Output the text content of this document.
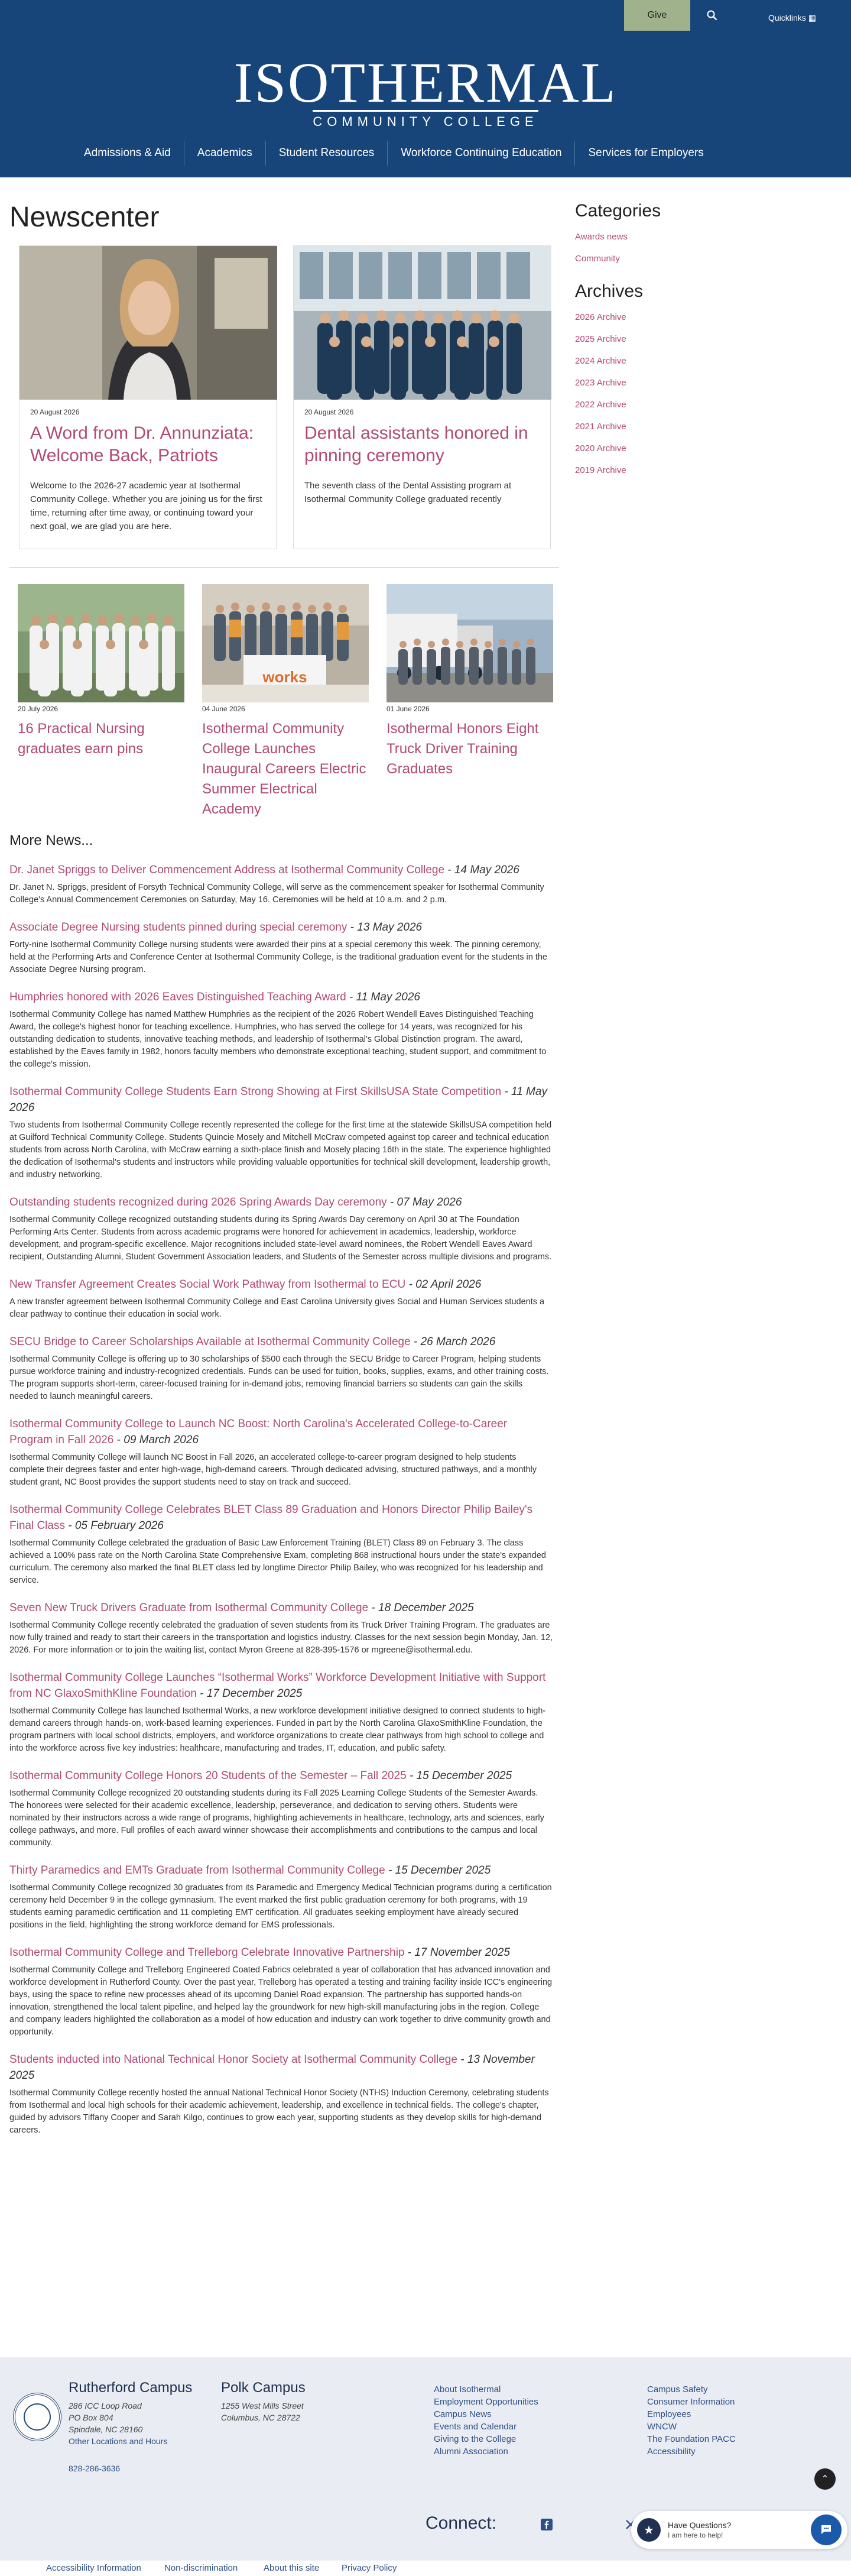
Give	Quicklinks ▦
ISOTHERMAL
COMMUNITY COLLEGE
Admissions & Aid	Academics	Student Resources	Workforce Continuing Education	Services for Employers
Newscenter
20 August 2026
A Word from Dr. Annunziata: Welcome Back, Patriots

Welcome to the 2026-27 academic year at Isothermal Community College. Whether you are joining us for the first time, returning after time away, or continuing toward your next goal, we are glad you are here.

20 August 2026
Dental assistants honored in pinning ceremony

The seventh class of the Dental Assisting program at Isothermal Community College graduated recently

20 July 2026
16 Practical Nursing graduates earn pins
works
04 June 2026
Isothermal Community College Launches Inaugural Careers Electric Summer Electrical Academy
01 June 2026
Isothermal Honors Eight Truck Driver Training Graduates
More News...
Dr. Janet Spriggs to Deliver Commencement Address at Isothermal Community College - 14 May 2026

Dr. Janet N. Spriggs, president of Forsyth Technical Community College, will serve as the commencement speaker for Isothermal Community College's Annual Commencement Ceremonies on Saturday, May 16. Ceremonies will be held at 10 a.m. and 2 p.m.

Associate Degree Nursing students pinned during special ceremony - 13 May 2026

Forty-nine Isothermal Community College nursing students were awarded their pins at a special ceremony this week. The pinning ceremony, held at the Performing Arts and Conference Center at Isothermal Community College, is the traditional graduation event for the students in the Associate Degree Nursing program.

Humphries honored with 2026 Eaves Distinguished Teaching Award - 11 May 2026

Isothermal Community College has named Matthew Humphries as the recipient of the 2026 Robert Wendell Eaves Distinguished Teaching Award, the college's highest honor for teaching excellence. Humphries, who has served the college for 14 years, was recognized for his outstanding dedication to students, innovative teaching methods, and leadership of Isothermal's Global Distinction program. The award, established by the Eaves family in 1982, honors faculty members who demonstrate exceptional teaching, student support, and commitment to the college's mission.

Isothermal Community College Students Earn Strong Showing at First SkillsUSA State Competition - 11 May 2026

Two students from Isothermal Community College recently represented the college for the first time at the statewide SkillsUSA competition held at Guilford Technical Community College. Students Quincie Mosely and Mitchell McCraw competed against top career and technical education students from across North Carolina, with McCraw earning a sixth-place finish and Mosely placing 16th in the state. The experience highlighted the dedication of Isothermal's students and instructors while providing valuable opportunities for technical skill development, leadership growth, and industry networking.

Outstanding students recognized during 2026 Spring Awards Day ceremony - 07 May 2026

Isothermal Community College recognized outstanding students during its Spring Awards Day ceremony on April 30 at The Foundation Performing Arts Center. Students from across academic programs were honored for achievement in academics, leadership, workforce development, and program-specific excellence. Major recognitions included state-level award nominees, the Robert Wendell Eaves Award recipient, Outstanding Alumni, Student Government Association leaders, and Students of the Semester across multiple divisions and programs.

New Transfer Agreement Creates Social Work Pathway from Isothermal to ECU - 02 April 2026

A new transfer agreement between Isothermal Community College and East Carolina University gives Social and Human Services students a clear pathway to continue their education in social work.

SECU Bridge to Career Scholarships Available at Isothermal Community College - 26 March 2026

Isothermal Community College is offering up to 30 scholarships of $500 each through the SECU Bridge to Career Program, helping students pursue workforce training and industry-recognized credentials. Funds can be used for tuition, books, supplies, exams, and other training costs. The program supports short-term, career-focused training for in-demand jobs, removing financial barriers so students can gain the skills needed to launch meaningful careers.

Isothermal Community College to Launch NC Boost: North Carolina's Accelerated College-to-Career Program in Fall 2026 - 09 March 2026

Isothermal Community College will launch NC Boost in Fall 2026, an accelerated college-to-career program designed to help students complete their degrees faster and enter high-wage, high-demand careers. Through dedicated advising, structured pathways, and a monthly student grant, NC Boost provides the support students need to stay on track and succeed.

Isothermal Community College Celebrates BLET Class 89 Graduation and Honors Director Philip Bailey's Final Class - 05 February 2026

Isothermal Community College celebrated the graduation of Basic Law Enforcement Training (BLET) Class 89 on February 3. The class achieved a 100% pass rate on the North Carolina State Comprehensive Exam, completing 868 instructional hours under the state's expanded curriculum. The ceremony also marked the final BLET class led by longtime Director Philip Bailey, who was recognized for his leadership and service.

Seven New Truck Drivers Graduate from Isothermal Community College - 18 December 2025

Isothermal Community College recently celebrated the graduation of seven students from its Truck Driver Training Program. The graduates are now fully trained and ready to start their careers in the transportation and logistics industry. Classes for the next session begin Monday, Jan. 12, 2026. For more information or to join the waiting list, contact Myron Greene at 828-395-1576 or mgreene@isothermal.edu.

Isothermal Community College Launches “Isothermal Works” Workforce Development Initiative with Support from NC GlaxoSmithKline Foundation - 17 December 2025

Isothermal Community College has launched Isothermal Works, a new workforce development initiative designed to connect students to high-demand careers through hands-on, work-based learning experiences. Funded in part by the North Carolina GlaxoSmithKline Foundation, the program partners with local school districts, employers, and workforce organizations to create clear pathways from high school to college and into the workforce across five key industries: healthcare, manufacturing and trades, IT, education, and public safety.

Isothermal Community College Honors 20 Students of the Semester – Fall 2025 - 15 December 2025

Isothermal Community College recognized 20 outstanding students during its Fall 2025 Learning College Students of the Semester Awards. The honorees were selected for their academic excellence, leadership, perseverance, and dedication to serving others. Students were nominated by their instructors across a wide range of programs, highlighting achievements in healthcare, technology, arts and sciences, early college pathways, and more. Full profiles of each award winner showcase their accomplishments and contributions to the campus and local community.

Thirty Paramedics and EMTs Graduate from Isothermal Community College - 15 December 2025

Isothermal Community College recognized 30 graduates from its Paramedic and Emergency Medical Technician programs during a certification ceremony held December 9 in the college gymnasium. The event marked the first public graduation ceremony for both programs, with 19 students earning paramedic certification and 11 completing EMT certification. All graduates seeking employment have already secured positions in the field, highlighting the strong workforce demand for EMS professionals.

Isothermal Community College and Trelleborg Celebrate Innovative Partnership - 17 November 2025

Isothermal Community College and Trelleborg Engineered Coated Fabrics celebrated a year of collaboration that has advanced innovation and workforce development in Rutherford County. Over the past year, Trelleborg has operated a testing and training facility inside ICC's engineering bays, using the space to refine new processes ahead of its upcoming Daniel Road expansion. The partnership has supported hands-on innovation, strengthened the local talent pipeline, and helped lay the groundwork for new high-skill manufacturing jobs in the region. College and company leaders highlighted the collaboration as a model of how education and industry can work together to drive community growth and opportunity.

Students inducted into National Technical Honor Society at Isothermal Community College - 13 November 2025

Isothermal Community College recently hosted the annual National Technical Honor Society (NTHS) Induction Ceremony, celebrating students from Isothermal and local high schools for their academic achievement, leadership, and excellence in technical fields. The college's chapter, guided by advisors Tiffany Cooper and Sarah Kilgo, continues to grow each year, supporting students as they develop skills for high-demand careers.

Categories
Awards news
Community
Archives
2026 Archive
2025 Archive
2024 Archive
2023 Archive
2022 Archive
2021 Archive
2020 Archive
2019 Archive
Rutherford Campus
286 ICC Loop Road
PO Box 804
Spindale, NC 28160
Other Locations and Hours
828-286-3636
Polk Campus
1255 West Mills Street
Columbus, NC 28722
About Isothermal
Employment Opportunities
Campus News
Events and Calendar
Giving to the College
Alumni Association
Campus Safety
Consumer Information
Employees
WNCW
The Foundation PACC
Accessibility
⌃
Connect:	★	Have Questions?
I am here to help!
Accessibility Information	Non-discrimination	About this site	Privacy Policy
